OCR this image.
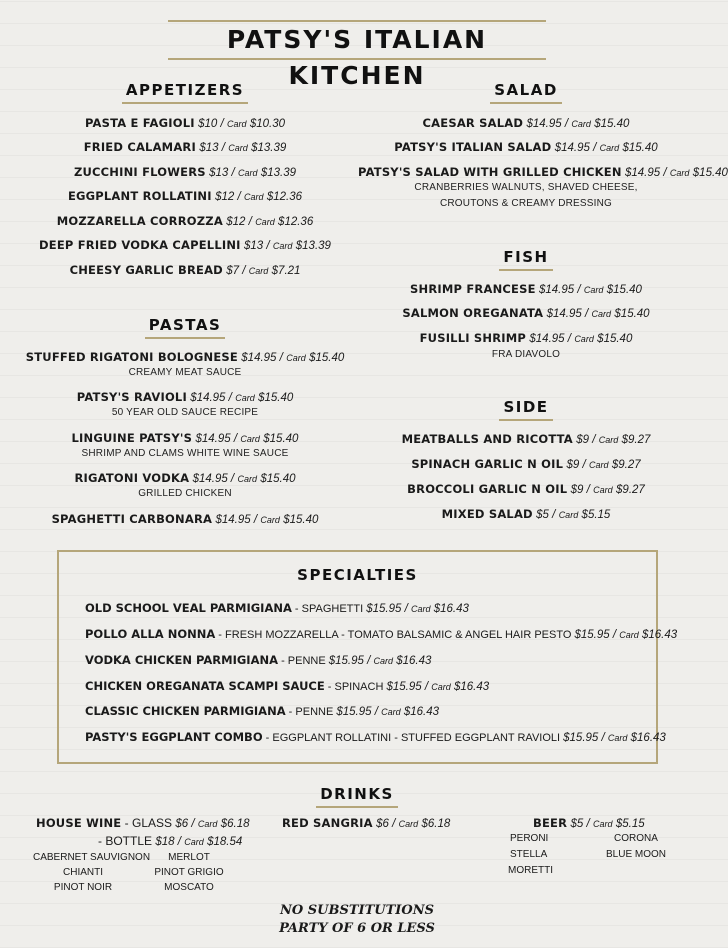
PATSY'S ITALIAN KITCHEN
APPETIZERS
PASTA E FAGIOLI $10 / Card $10.30
FRIED CALAMARI $13 / Card $13.39
ZUCCHINI FLOWERS $13 / Card $13.39
EGGPLANT ROLLATINI $12 / Card $12.36
MOZZARELLA CORROZZA $12 / Card $12.36
DEEP FRIED VODKA CAPELLINI $13 / Card $13.39
CHEESY GARLIC BREAD $7 / Card $7.21
PASTAS
STUFFED RIGATONI BOLOGNESE $14.95 / Card $15.40
CREAMY MEAT SAUCE
PATSY'S RAVIOLI $14.95 / Card $15.40
50 YEAR OLD SAUCE RECIPE
LINGUINE PATSY'S $14.95 / Card $15.40
SHRIMP AND CLAMS WHITE WINE SAUCE
RIGATONI VODKA $14.95 / Card $15.40
GRILLED CHICKEN
SPAGHETTI CARBONARA $14.95 / Card $15.40
SALAD
CAESAR SALAD $14.95 / Card $15.40
PATSY'S ITALIAN SALAD $14.95 / Card $15.40
PATSY'S SALAD WITH GRILLED CHICKEN $14.95 / Card $15.40
CRANBERRIES WALNUTS, SHAVED CHEESE,
CROUTONS & CREAMY DRESSING
FISH
SHRIMP FRANCESE $14.95 / Card $15.40
SALMON OREGANATA $14.95 / Card $15.40
FUSILLI SHRIMP $14.95 / Card $15.40
FRA DIAVOLO
SIDE
MEATBALLS AND RICOTTA $9 / Card $9.27
SPINACH GARLIC N OIL $9 / Card $9.27
BROCCOLI GARLIC N OIL $9 / Card $9.27
MIXED SALAD $5 / Card $5.15
SPECIALTIES
OLD SCHOOL VEAL PARMIGIANA - SPAGHETTI $15.95 / Card $16.43
POLLO ALLA NONNA - FRESH MOZZARELLA - TOMATO BALSAMIC & ANGEL HAIR PESTO $15.95 / Card $16.43
VODKA CHICKEN PARMIGIANA - PENNE $15.95 / Card $16.43
CHICKEN OREGANATA SCAMPI SAUCE - SPINACH $15.95 / Card $16.43
CLASSIC CHICKEN PARMIGIANA - PENNE $15.95 / Card $16.43
PASTY'S EGGPLANT COMBO - EGGPLANT ROLLATINI - STUFFED EGGPLANT RAVIOLI $15.95 / Card $16.43
DRINKS
HOUSE WINE - GLASS $6 / Card $6.18
- BOTTLE $18 / Card $18.54
CABERNET SAUVIGNON	MERLOT
CHIANTI	PINOT GRIGIO
PINOT NOIR	MOSCATO
RED SANGRIA $6 / Card $6.18	BEER $5 / Card $5.15
PERONI	CORONA
STELLA	BLUE MOON
MORETTI
NO SUBSTITUTIONS
PARTY OF 6 OR LESS
